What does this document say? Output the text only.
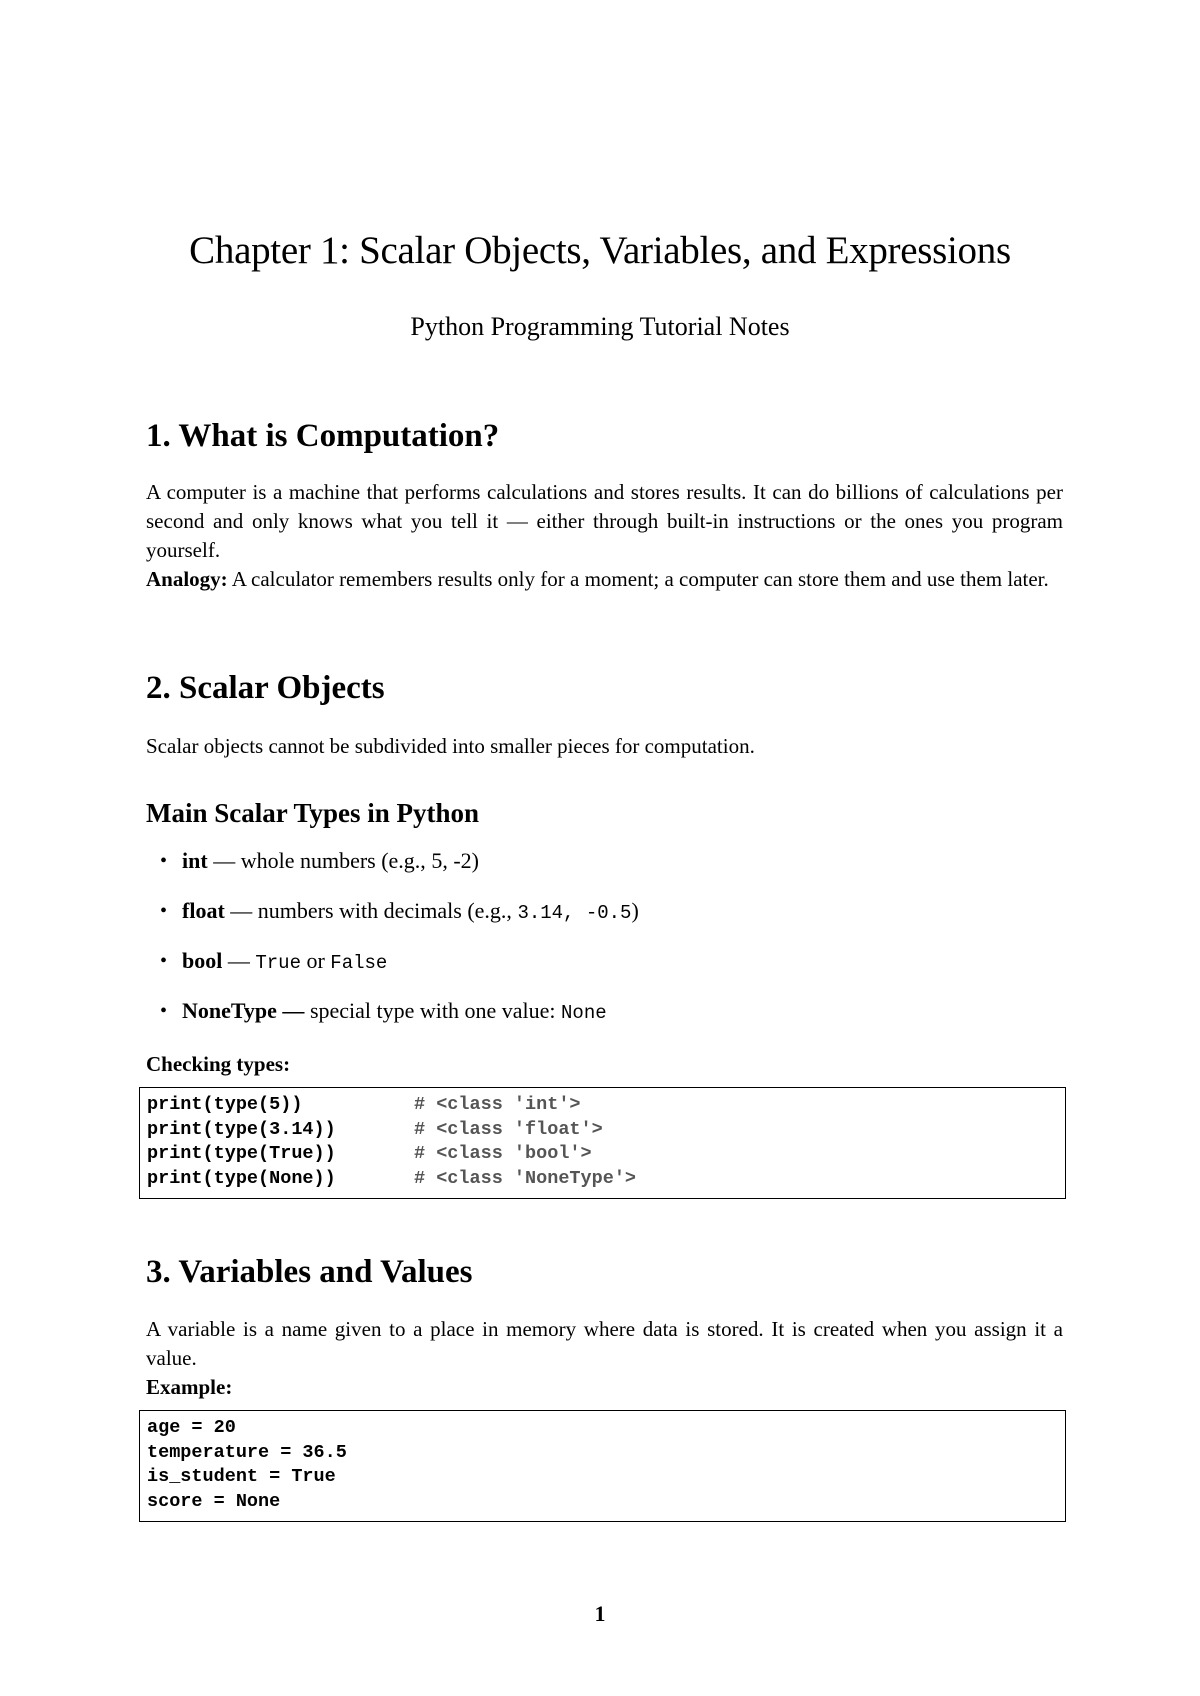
Chapter 1: Scalar Objects, Variables, and Expressions
Python Programming Tutorial Notes
1. What is Computation?

A computer is a machine that performs calculations and stores results. It can do billions of calculations per second and only knows what you tell it — either through built-in instructions or the ones you program yourself.

Analogy: A calculator remembers results only for a moment; a computer can store them and use them later.

2. Scalar Objects

Scalar objects cannot be subdivided into smaller pieces for computation.

Main Scalar Types in Python
• int — whole numbers (e.g., 5, -2)
• float — numbers with decimals (e.g., 3.14, -0.5)
• bool — True or False
• NoneType — special type with one value: None

Checking types:

print(type(5))	# <class 'int'>
print(type(3.14))	# <class 'float'>
print(type(True))	# <class 'bool'>
print(type(None))	# <class 'NoneType'>
3. Variables and Values

A variable is a name given to a place in memory where data is stored. It is created when you assign it a value.

Example:

age = 20
temperature = 36.5
is_student = True
score = None
1
